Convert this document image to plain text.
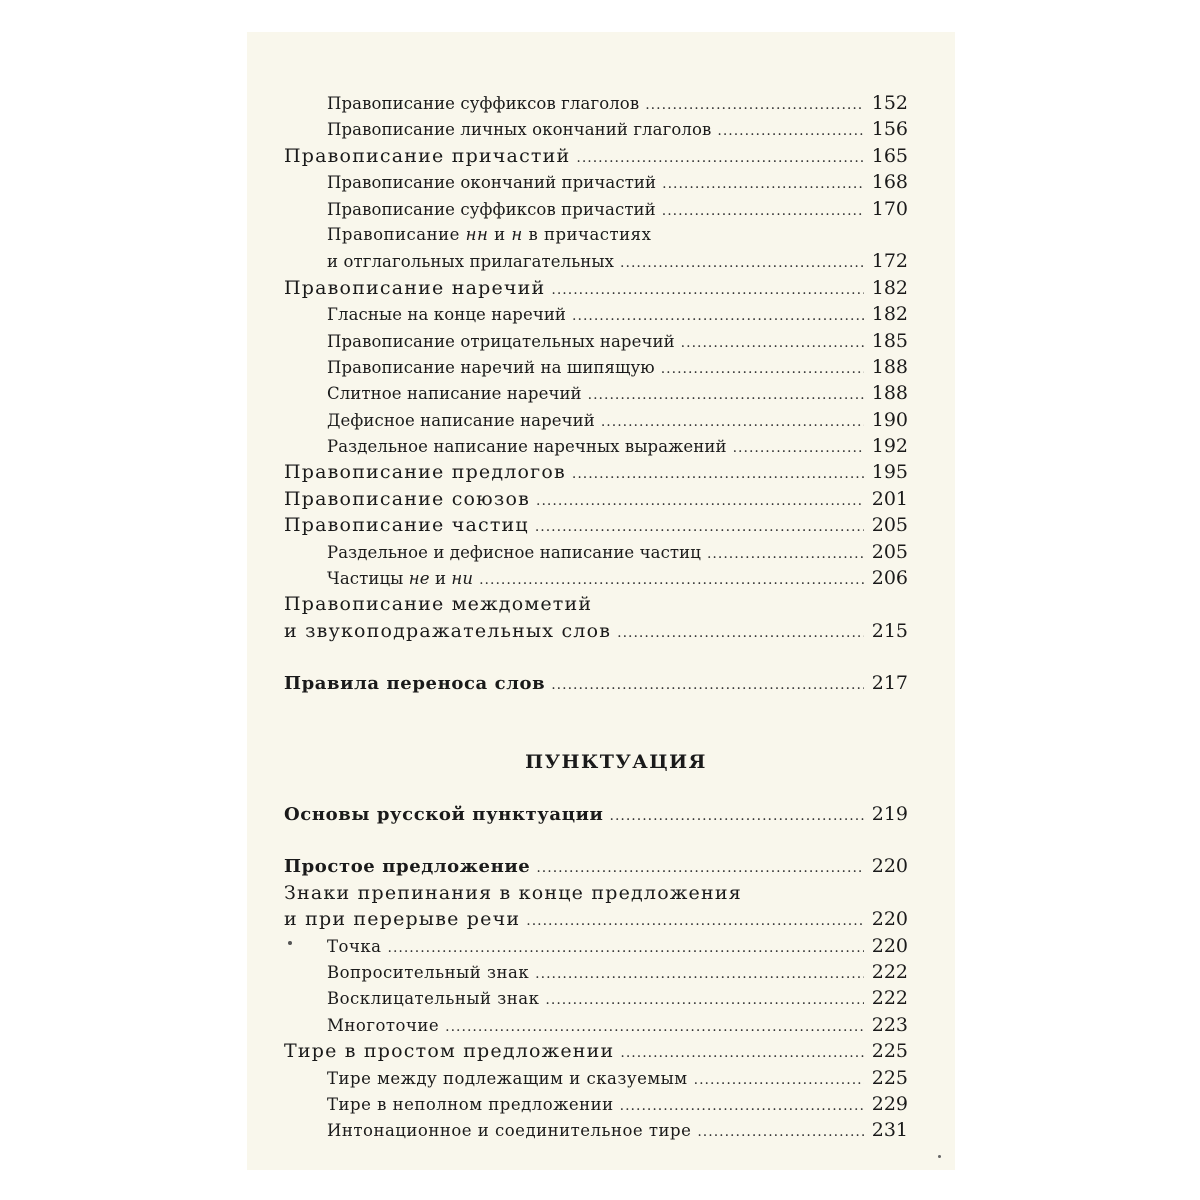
Правописание суффиксов глаголов .....	152
Правописание личных окончаний глаголов .....	156
Правописание причастий .....	165
Правописание окончаний причастий .....	168
Правописание суффиксов причастий .....	170
Правописание нн и н в причастиях
и отглагольных прилагательных .....	172
Правописание наречий .....	182
Гласные на конце наречий .....	182
Правописание отрицательных наречий .....	185
Правописание наречий на шипящую .....	188
Слитное написание наречий .....	188
Дефисное написание наречий .....	190
Раздельное написание наречных выражений .....	192
Правописание предлогов .....	195
Правописание союзов .....	201
Правописание частиц .....	205
Раздельное и дефисное написание частиц .....	205
Частицы не и ни .....	206
Правописание междометий
и звукоподражательных слов .....	215
Правила переноса слов .....	217
ПУНКТУАЦИЯ
Основы русской пунктуации .....	219
Простое предложение .....	220
Знаки препинания в конце предложения
и при перерыве речи .....	220
Точка .....	220
Вопросительный знак .....	222
Восклицательный знак .....	222
Многоточие .....	223
Тире в простом предложении .....	225
Тире между подлежащим и сказуемым .....	225
Тире в неполном предложении .....	229
Интонационное и соединительное тире .....	231
